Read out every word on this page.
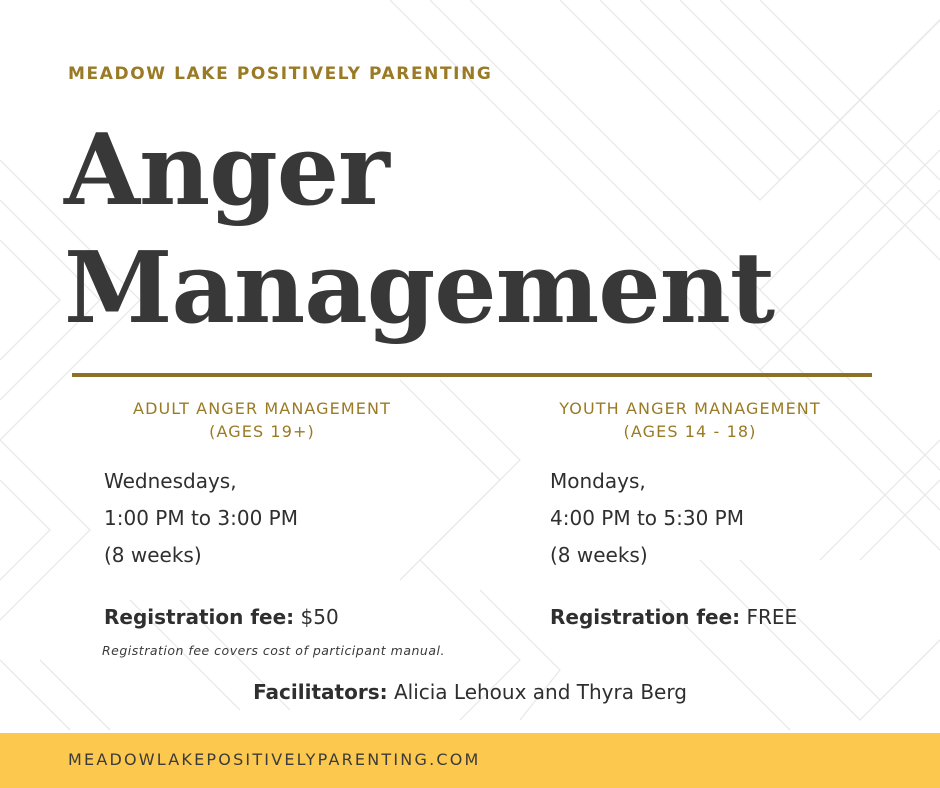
MEADOW LAKE POSITIVELY PARENTING
Anger
Management
ADULT ANGER MANAGEMENT
(AGES 19+)
Wednesdays,
1:00 PM to 3:00 PM
(8 weeks)
Registration fee: $50
YOUTH ANGER MANAGEMENT
(AGES 14 - 18)
Mondays,
4:00 PM to 5:30 PM
(8 weeks)
Registration fee: FREE
Registration fee covers cost of participant manual.
Facilitators: Alicia Lehoux and Thyra Berg
MEADOWLAKEPOSITIVELYPARENTING.COM
